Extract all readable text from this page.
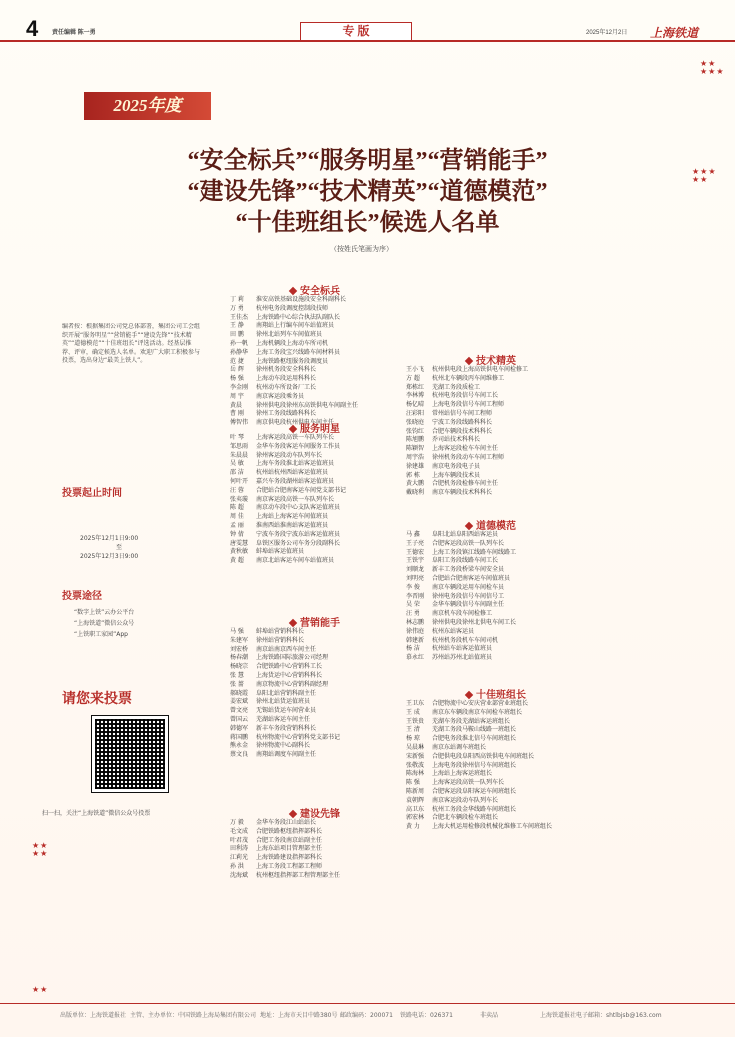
4 责任编辑 陈一勇	专 版	2025年12月2日 上海铁道
2025年度
★★
★★★
★★★
★★
★★
★★
★★
“安全标兵”“服务明星”“营销能手”
“建设先锋”“技术精英”“道德模范”
“十佳班组长”候选人名单
（按姓氏笔画为序）
编者按：根据集团公司党总体部署，集团公司工会组织开展“服务明星”“营销能手”“建设先锋”“技术精英”“道德模范”“十佳班组长”评选活动。经基层推荐、评审，确定候选人名单。欢迎广大职工积极参与投票，选出身边“最美上铁人”。
投票起止时间
2025年12月1日9:00
至
2025年12月3日9:00
投票途径
“数字上铁”云办公平台
“上海铁道”微信公众号
“上铁职工家园”App
请您来投票
扫一扫，关注“上海铁道”微信公众号投票
安全标兵
丁 莉	淮安高铁基础设施段安全科副科长
万 勇	杭州电务段调度控制段技师
王佳杰	上海铁路中心综合执法队副队长
王 静	南翔站上行编车间车站值班员
田 鹏	徐州北站列车车间值班员
孙一帆	上海机辆段上海动车所司机
孙静华	上海工务段宝兴线路车间材料员
范 捷	上海铁路枢纽服务段调度员
岳 辉	徐州机务段安全科科长
杨 强	上海动车段运用科科长
李金刚	杭州动车所设备厂工长
周 宇	南京客运段乘务员
黄晨	徐州供电段徐州东高铁供电车间副主任
曹 刚	徐州工务段线路科科长
傅智伟	南京供电段杭州供电车间主任
服务明星
叶 琴	上海客运段高铁一车队列车长
邹思雨	金华车务段客运车间服务工作员
朱晨晨	徐州客运段动车队列车长
吴 敏	上海车务段淮北站客运值班员
邵 洁	杭州站杭州西站客运值班员
何叶开	嘉兴车务段湖州站客运值班员
汪 蓉	合肥站合肥南客运车间党支部书记
张夷璇	南京客运段高铁一车队列车长
陈 超	南京动车段中心支队客运值班员
周 佳	上海站上海客运车间值班员
孟 丽	淮南西站淮南站客运值班员
钟 倩	宁波车务段宁波东站客运值班员
唐雯慧	阜铁区服务公司车务分段副科长
黄秋敏	蚌埠站客运值班员
黄 超	南京北站客运车间车站值班员
营销能手
马 强	蚌埠站营销科科长
朱建军	徐州站营销科科长
刘宏桥	南京站南京西车间主任
杨春潮	上海铁路国际旅游公司经理
杨晓宗	合肥铁路中心营销科工长
张 慧	上海货运中心营销科科长
张 蔷	南京物流中心营销科副经理
郝晓霞	阜阳北站营销科副主任
姜宏斌	徐州北站货运值班员
曾文亮	无锡站货运车间营业员
曾国云	芜湖站客运车间主任
韩德军	新丰车务段营销科科长
蒋国鹏	杭州物流中心营销科党支部书记
熊永金	徐州物流中心副科长
蔡文良	南翔站调度车间副主任
建设先锋
万 毅	金华车务段江山站站长
毛文成	合肥铁路枢纽指挥部科长
叶君茂	合肥工务段南京站副主任
田利涛	上海东站项目管理部主任
江莉光	上海铁路建设指挥部科长
孙 洪	上海工务段工程部工程师
沈海斌	杭州枢纽指挥部工程管理部主任
技术精英
王小飞	杭州供电段上海高铁供电车间检修工
方 超	杭州北车辆段丙车间维修工
郑栋红	芜湖工务段质检工
李林博	杭州电务段信号车间工长
杨亿晴	上海电务段信号车间工程师
汪彩阳	常州站信号车间工程师
张晓庭	宁波工务段线路科科长
张钧红	合肥车辆段技术科科长
陈旭鹏	乔司站技术科科长
陈颖智	上海客运段检车车间主任
周宇浩	徐州机务段动车车间工程师
徐建雄	南京电务段电子员
郭 栋	上海车辆段技术员
黄大鹏	合肥机务段检修车间主任
戴晓利	南京车辆段技术科科长
道德模范
马 鑫	阜阳北站阜阳西站客运员
王子亮	合肥客运段高铁一队列车长
王德宏	上海工务段镇江线路车间线路工
王铁宇	阜阳工务段线路车间工长
刘顺龙	新丰工务段桥梁车间安全员
刘明亮	合肥站合肥南客运车间值班员
李 俊	南京车辆段运用车间检车员
李晋刚	徐州电务段信号车间信号工
吴 荣	金华车辆段信号车间副主任
汪 勇	南京机车段车间检修工
林志鹏	徐州供电段徐州北供电车间工长
徐伟庭	杭州东站客运员
韩建新	杭州机务段机车车间司机
杨 洁	杭州站车站客运值班员
慕永红	苏州站苏州北站值班员
十佳班组长
王卫东	合肥物流中心安庆营业部营业班组长
王 成	南京东车辆段南京车间检车班组长
王铁贵	芜湖车务段芜湖站客运班组长
王 清	芜湖工务段马鞍山线路一班组长
杨 琼	合肥电务段淮北信号车间班组长
吴晨琳	南京东站调车班组长
宋新强	合肥供电段阜阳西高铁供电车间班组长
张敬波	上海电务段徐州信号车间班组长
陈海林	上海站上海客运班组长
陈 强	上海客运段高铁一队列车长
陈新周	合肥客运段阜阳客运车间班组长
袁朝辉	南京客运段动车队列车长
高卫东	杭州工务段金华线路车间班组长
郭宏林	合肥北车辆段检车班组长
黄 力	上海大机运用检修段机械化维修工车间班组长
出版单位：上海铁道报社 主管、主办单位：中国铁路上海局集团有限公司 地址：上海市天目中路380号 邮政编码：200071 铁路电话：026371	非卖品	上海铁道报社电子邮箱：shtlbjsb@163.com
